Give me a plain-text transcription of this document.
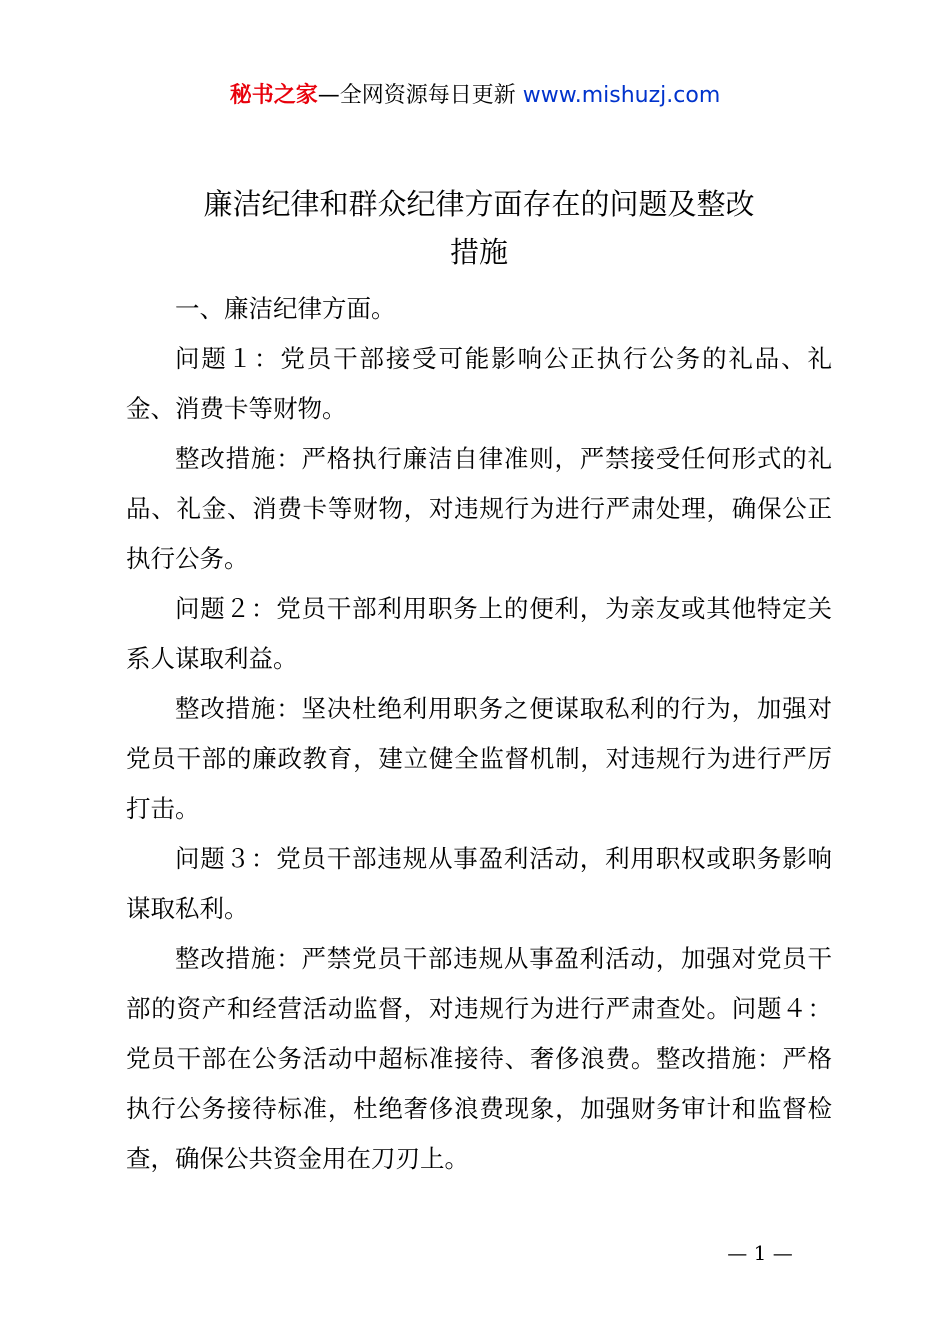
秘书之家—全网资源每日更新 www.mishuzj.com
廉洁纪律和群众纪律方面存在的问题及整改
措施

一、廉洁纪律方面。

问题１：党员干部接受可能影响公正执行公务的礼品、礼金、消费卡等财物。

整改措施：严格执行廉洁自律准则，严禁接受任何形式的礼品、礼金、消费卡等财物，对违规行为进行严肃处理，确保公正执行公务。

问题２：党员干部利用职务上的便利，为亲友或其他特定关系人谋取利益。

整改措施：坚决杜绝利用职务之便谋取私利的行为，加强对党员干部的廉政教育，建立健全监督机制，对违规行为进行严厉打击。

问题３：党员干部违规从事盈利活动，利用职权或职务影响谋取私利。

整改措施：严禁党员干部违规从事盈利活动，加强对党员干部的资产和经营活动监督，对违规行为进行严肃查处。问题４：党员干部在公务活动中超标准接待、奢侈浪费。整改措施：严格执行公务接待标准，杜绝奢侈浪费现象，加强财务审计和监督检查，确保公共资金用在刀刃上。

— 1 —
